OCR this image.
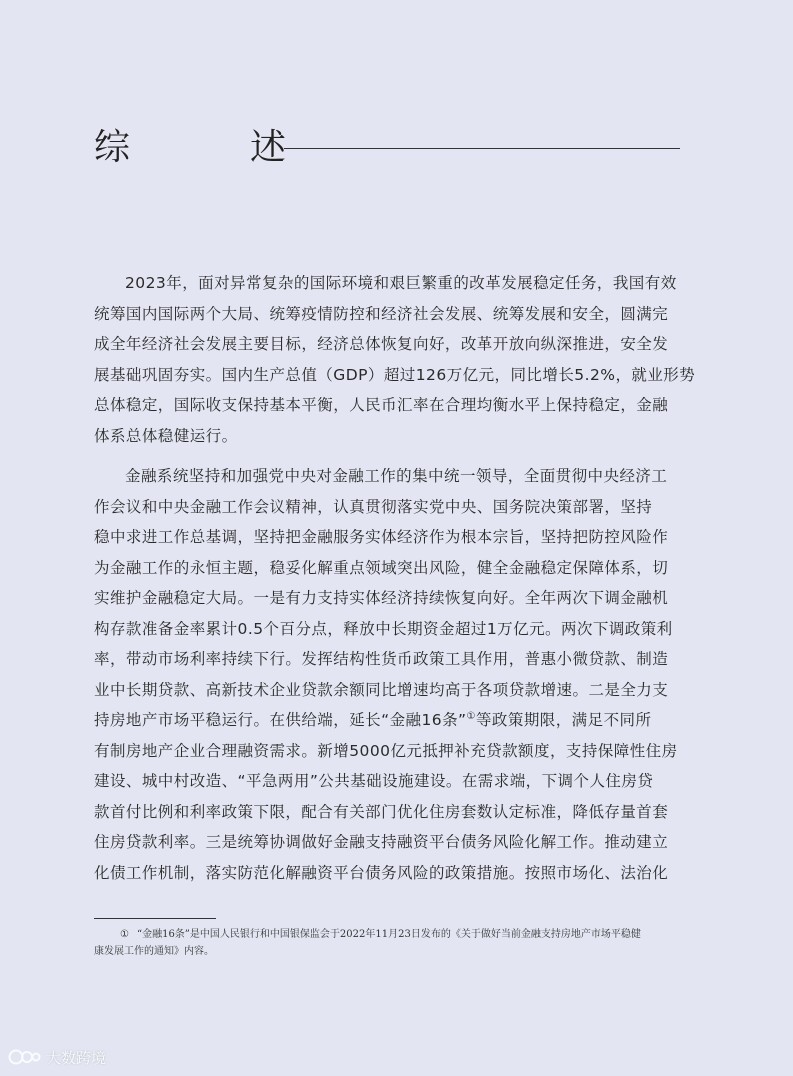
综　述

2023年，面对异常复杂的国际环境和艰巨繁重的改革发展稳定任务，我国有效

统筹国内国际两个大局、统筹疫情防控和经济社会发展、统筹发展和安全，圆满完

成全年经济社会发展主要目标，经济总体恢复向好，改革开放向纵深推进，安全发

展基础巩固夯实。国内生产总值（GDP）超过126万亿元，同比增长5.2%，就业形势

总体稳定，国际收支保持基本平衡，人民币汇率在合理均衡水平上保持稳定，金融

体系总体稳健运行。

金融系统坚持和加强党中央对金融工作的集中统一领导，全面贯彻中央经济工

作会议和中央金融工作会议精神，认真贯彻落实党中央、国务院决策部署，坚持

稳中求进工作总基调，坚持把金融服务实体经济作为根本宗旨，坚持把防控风险作

为金融工作的永恒主题，稳妥化解重点领域突出风险，健全金融稳定保障体系，切

实维护金融稳定大局。一是有力支持实体经济持续恢复向好。全年两次下调金融机

构存款准备金率累计0.5个百分点，释放中长期资金超过1万亿元。两次下调政策利

率，带动市场利率持续下行。发挥结构性货币政策工具作用，普惠小微贷款、制造

业中长期贷款、高新技术企业贷款余额同比增速均高于各项贷款增速。二是全力支

持房地产市场平稳运行。在供给端，延长“金融16条”①等政策期限，满足不同所

有制房地产企业合理融资需求。新增5000亿元抵押补充贷款额度，支持保障性住房

建设、城中村改造、“平急两用”公共基础设施建设。在需求端，下调个人住房贷

款首付比例和利率政策下限，配合有关部门优化住房套数认定标准，降低存量首套

住房贷款利率。三是统筹协调做好金融支持融资平台债务风险化解工作。推动建立

化债工作机制，落实防范化解融资平台债务风险的政策措施。按照市场化、法治化

① “金融16条”是中国人民银行和中国银保监会于2022年11月23日发布的《关于做好当前金融支持房地产市场平稳健

康发展工作的通知》内容。

大数跨境
